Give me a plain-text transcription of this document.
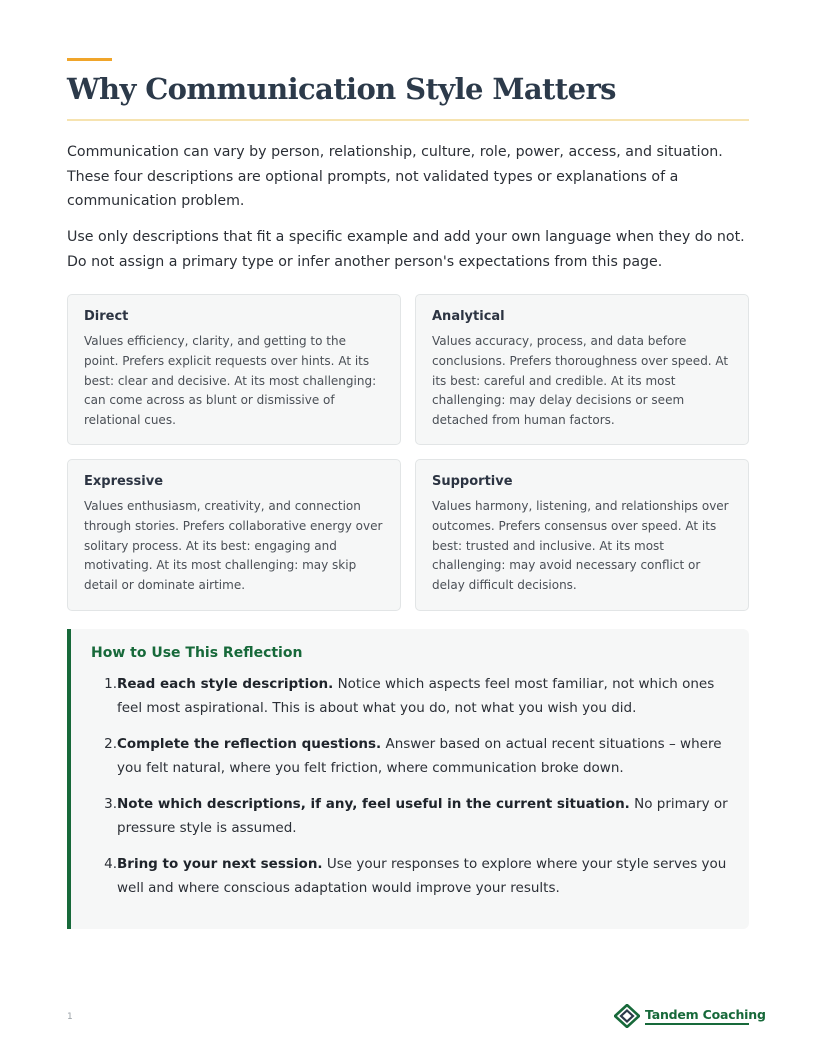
Why Communication Style Matters

Communication can vary by person, relationship, culture, role, power, access, and situation. These four descriptions are optional prompts, not validated types or explanations of a communication problem.

Use only descriptions that fit a specific example and add your own language when they do not. Do not assign a primary type or infer another person's expectations from this page.

Direct
Values efficiency, clarity, and getting to the point. Prefers explicit requests over hints. At its best: clear and decisive. At its most challenging: can come across as blunt or dismissive of relational cues.
Analytical
Values accuracy, process, and data before conclusions. Prefers thoroughness over speed. At its best: careful and credible. At its most challenging: may delay decisions or seem detached from human factors.
Expressive
Values enthusiasm, creativity, and connection through stories. Prefers collaborative energy over solitary process. At its best: engaging and motivating. At its most challenging: may skip detail or dominate airtime.
Supportive
Values harmony, listening, and relationships over outcomes. Prefers consensus over speed. At its best: trusted and inclusive. At its most challenging: may avoid necessary conflict or delay difficult decisions.
How to Use This Reflection
1. Read each style description. Notice which aspects feel most familiar, not which ones feel most aspirational. This is about what you do, not what you wish you did.
2. Complete the reflection questions. Answer based on actual recent situations – where you felt natural, where you felt friction, where communication broke down.
3. Note which descriptions, if any, feel useful in the current situation. No primary or pressure style is assumed.
4. Bring to your next session. Use your responses to explore where your style serves you well and where conscious adaptation would improve your results.
1	Tandem Coaching
